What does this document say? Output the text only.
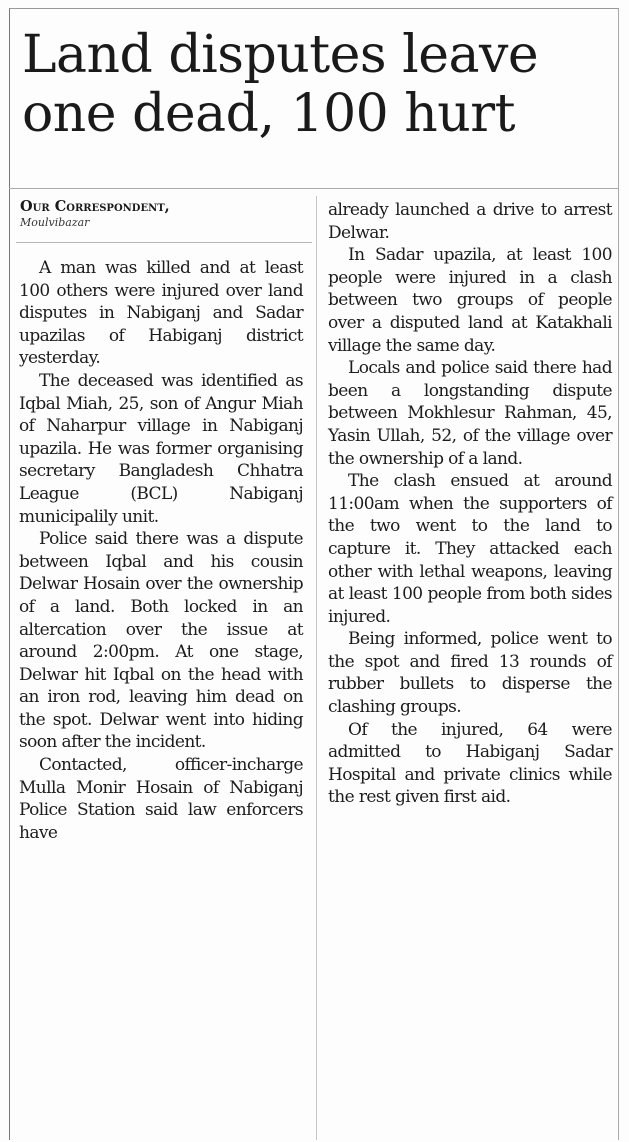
Land disputes leave one dead, 100 hurt
Our Correspondent,
Moulvibazar

A man was killed and at least 100 others were injured over land disputes in Nabiganj and Sadar upazilas of Habiganj district yesterday.

The deceased was identified as Iqbal Miah, 25, son of Angur Miah of Naharpur village in Nabiganj upazila. He was former organising secretary Bangladesh Chhatra League (BCL) Nabiganj municipalily unit.

Police said there was a dispute between Iqbal and his cousin Delwar Hosain over the ownership of a land. Both locked in an altercation over the issue at around 2:00pm. At one stage, Delwar hit Iqbal on the head with an iron rod, leaving him dead on the spot. Delwar went into hiding soon after the incident.

Contacted, officer-incharge Mulla Monir Hosain of Nabiganj Police Station said law enforcers have

already launched a drive to arrest Delwar.

In Sadar upazila, at least 100 people were injured in a clash between two groups of people over a disputed land at Katakhali village the same day.

Locals and police said there had been a longstanding dispute between Mokhlesur Rahman, 45, Yasin Ullah, 52, of the village over the ownership of a land.

The clash ensued at around 11:00am when the supporters of the two went to the land to capture it. They attacked each other with lethal weapons, leaving at least 100 people from both sides injured.

Being informed, police went to the spot and fired 13 rounds of rubber bullets to disperse the clashing groups.

Of the injured, 64 were admitted to Habiganj Sadar Hospital and private clinics while the rest given first aid.
